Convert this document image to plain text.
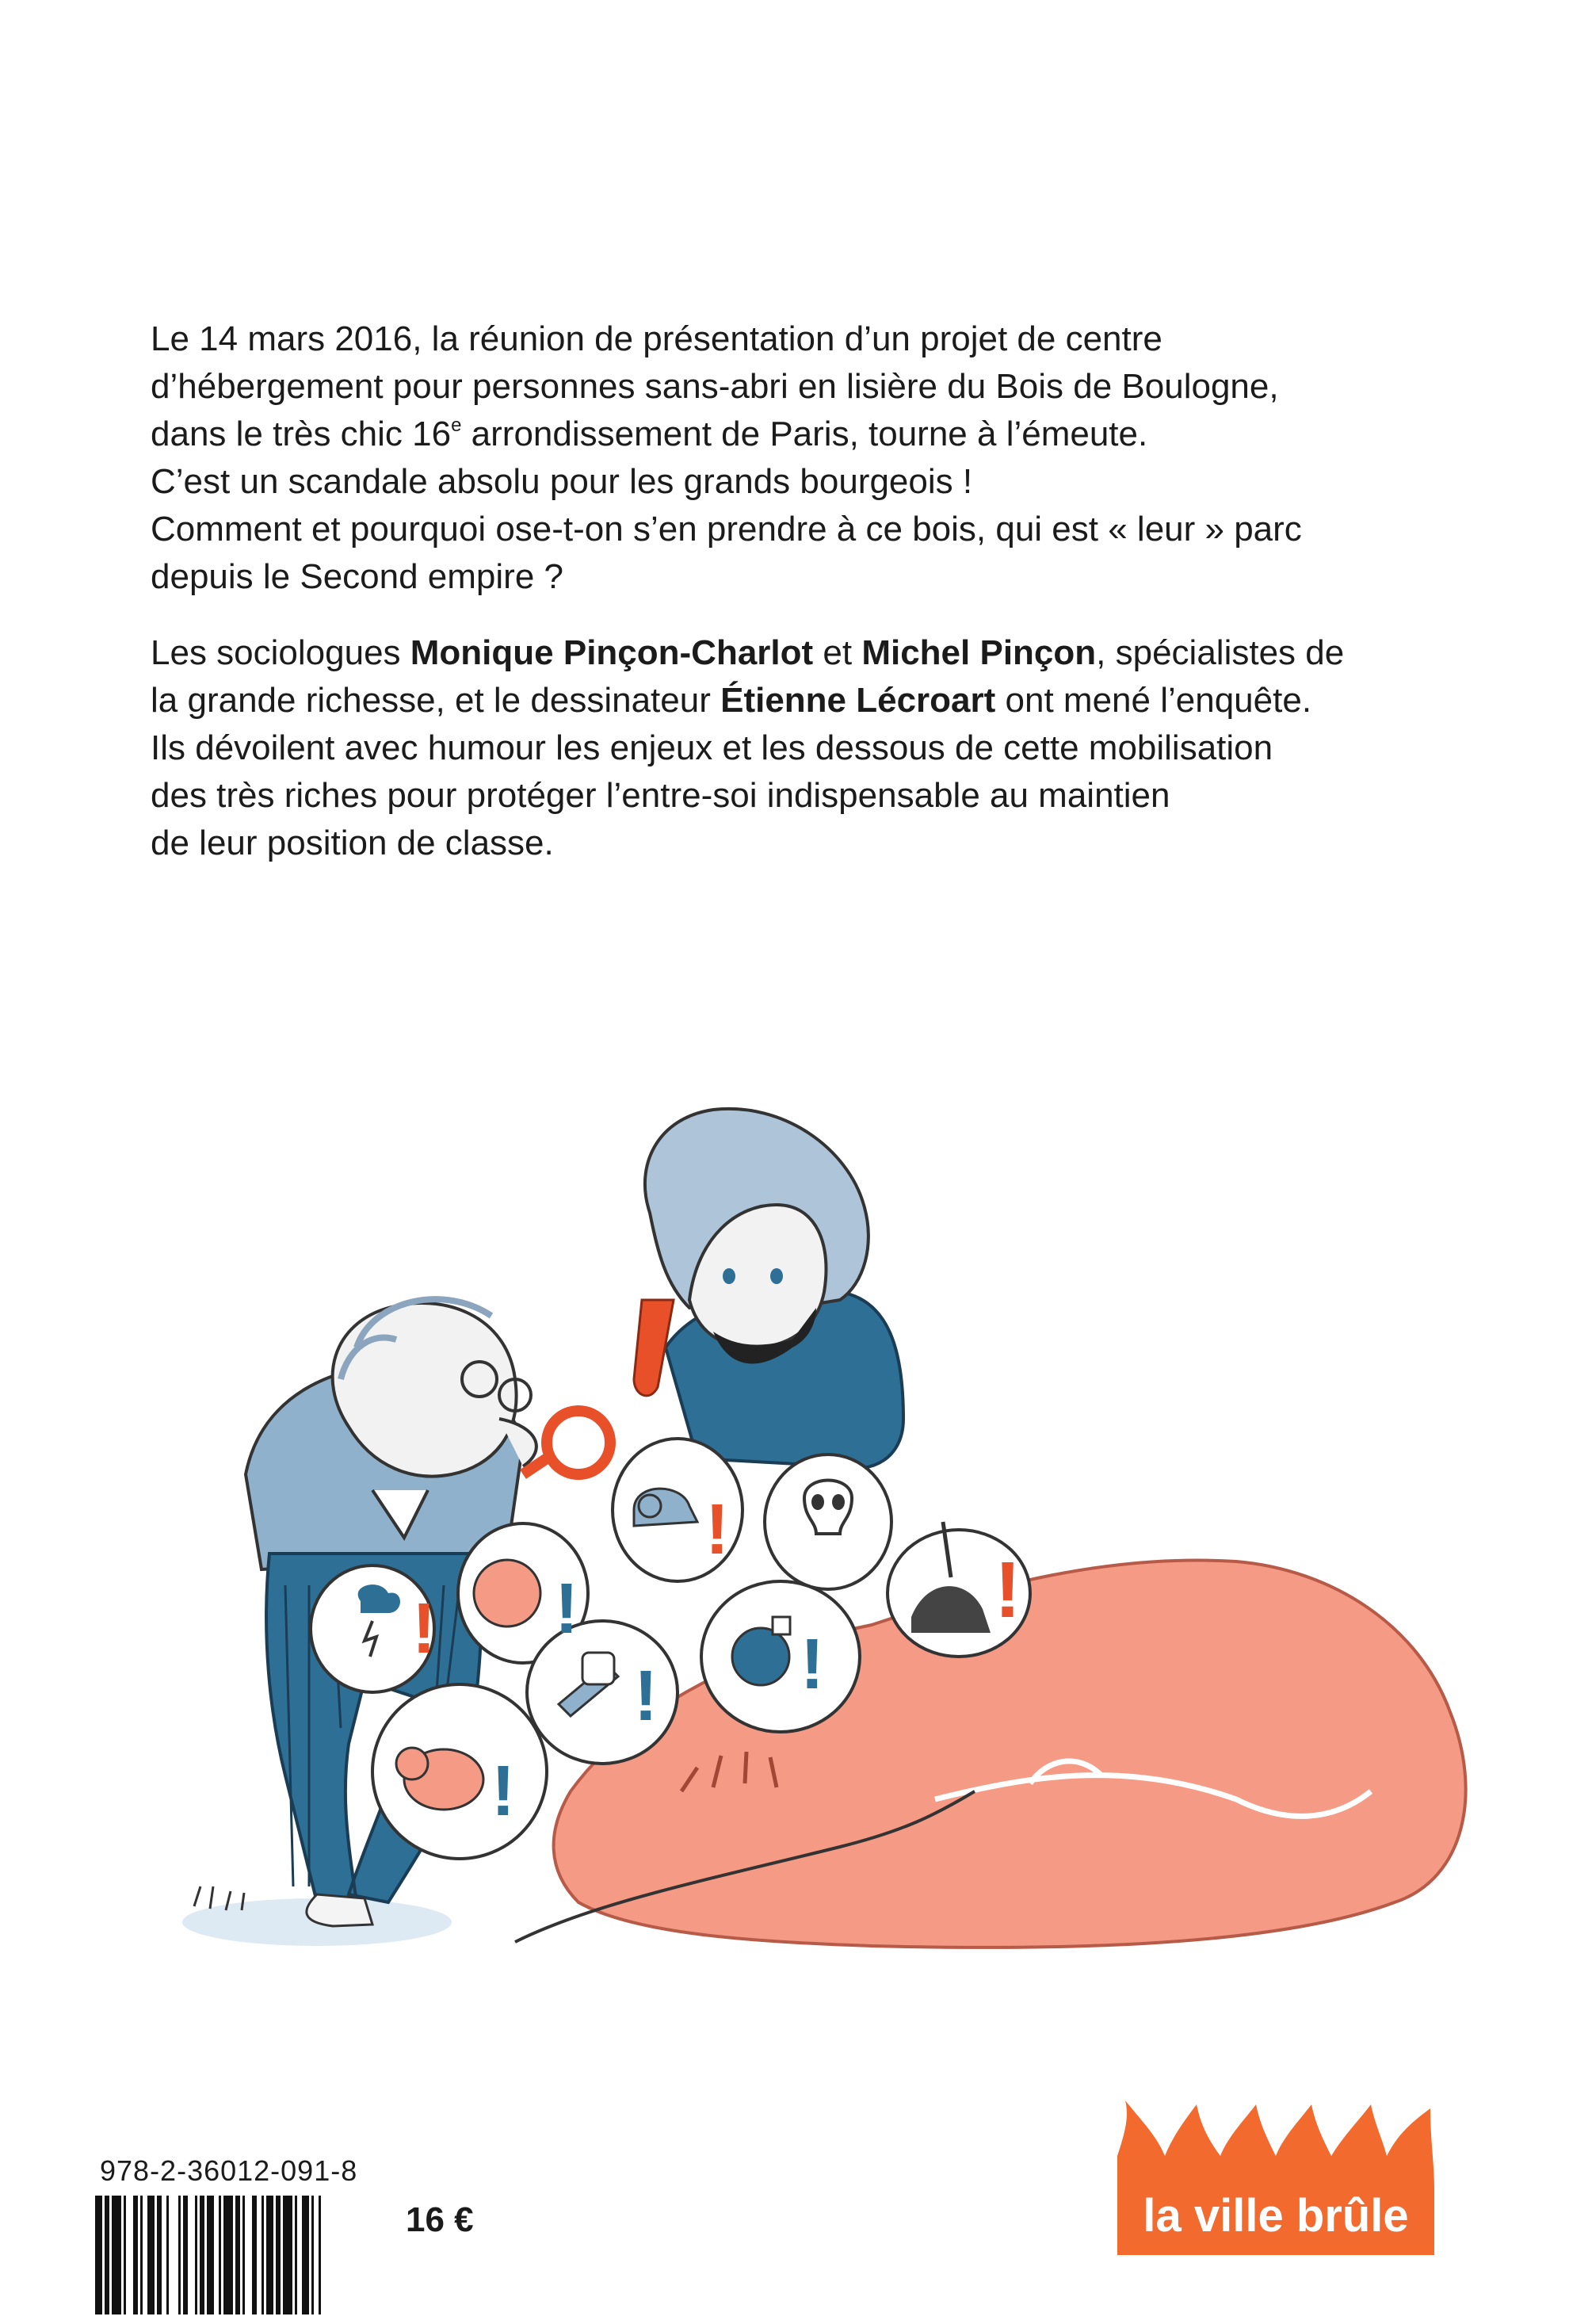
Le 14 mars 2016, la réunion de présentation d’un projet de centre
d’hébergement pour personnes sans-abri en lisière du Bois de Boulogne,
dans le très chic 16e arrondissement de Paris, tourne à l’émeute.
C’est un scandale absolu pour les grands bourgeois !
Comment et pourquoi ose-t-on s’en prendre à ce bois, qui est « leur » parc
depuis le Second empire ?
Les sociologues Monique Pinçon-Charlot et Michel Pinçon, spécialistes de
la grande richesse, et le dessinateur Étienne Lécroart ont mené l’enquête.
Ils dévoilent avec humour les enjeux et les dessous de cette mobilisation
des très riches pour protéger l’entre-soi indispensable au maintien
de leur position de classe.
! !
!
!
! !
!
978-2-36012-091-8
16 €	la ville brûle
